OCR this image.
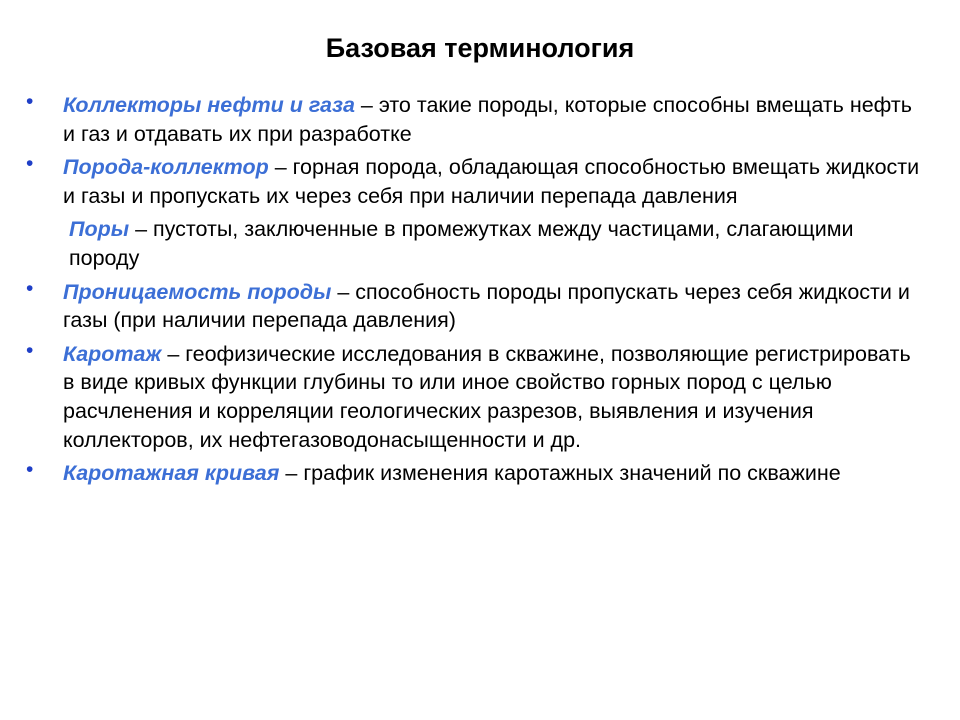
Базовая терминология
•	Коллекторы нефти и газа – это такие породы, которые способны вмещать нефть и газ и отдавать их при разработке
•	Порода-коллектор – горная порода, обладающая способностью вмещать жидкости и газы и пропускать их через себя при наличии перепада давления
Поры – пустоты, заключенные в промежутках между частицами, слагающими породу
•	Проницаемость породы – способность породы пропускать через себя жидкости и газы (при наличии перепада давления)
•	Каротаж – геофизические исследования в скважине, позволяющие регистрировать в виде кривых функции глубины то или иное свойство горных пород с целью расчленения и корреляции геологических разрезов, выявления и изучения коллекторов, их нефтегазоводонасыщенности и др.
•	Каротажная кривая – график изменения каротажных значений по скважине
